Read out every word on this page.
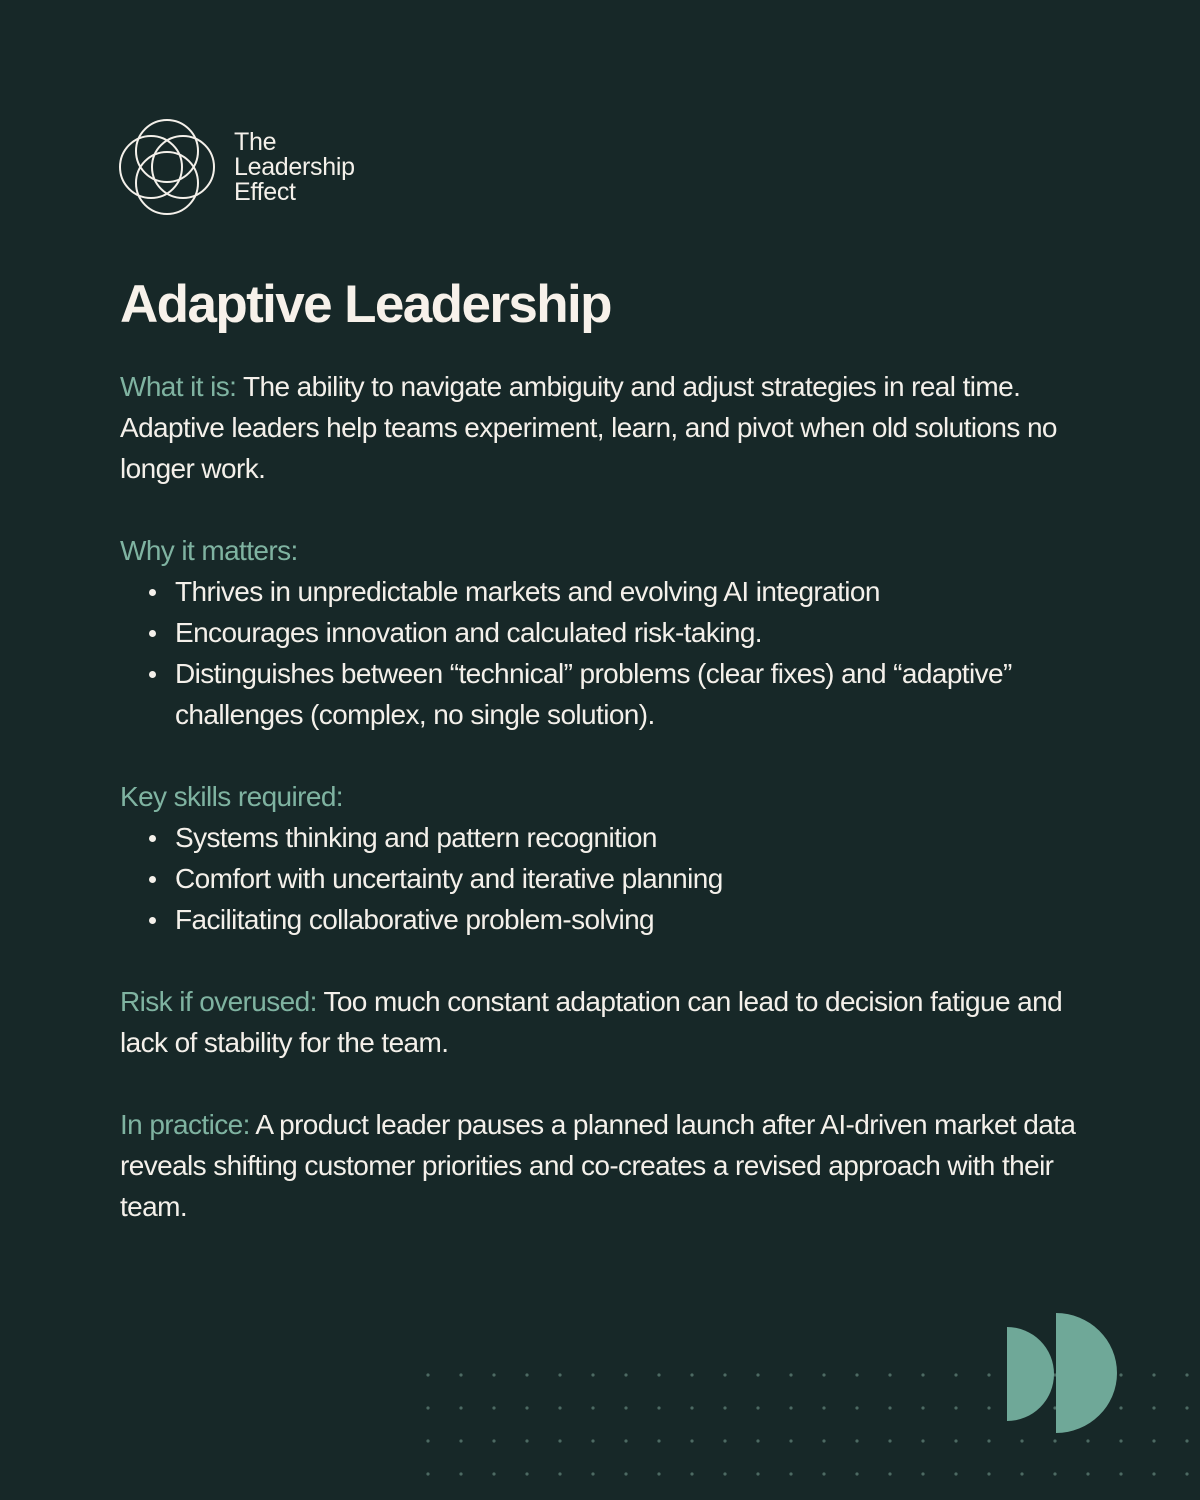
The
Leadership
Effect
Adaptive Leadership

What it is: The ability to navigate ambiguity and adjust strategies in real time. Adaptive leaders help teams experiment, learn, and pivot when old solutions no longer work.

Why it matters:

Thrives in unpredictable markets and evolving AI integration
Encourages innovation and calculated risk-taking.
Distinguishes between “technical” problems (clear fixes) and “adaptive” challenges (complex, no single solution).

Key skills required:

Systems thinking and pattern recognition
Comfort with uncertainty and iterative planning
Facilitating collaborative problem-solving

Risk if overused: Too much constant adaptation can lead to decision fatigue and lack of stability for the team.

In practice: A product leader pauses a planned launch after AI-driven market data reveals shifting customer priorities and co-creates a revised approach with their team.
